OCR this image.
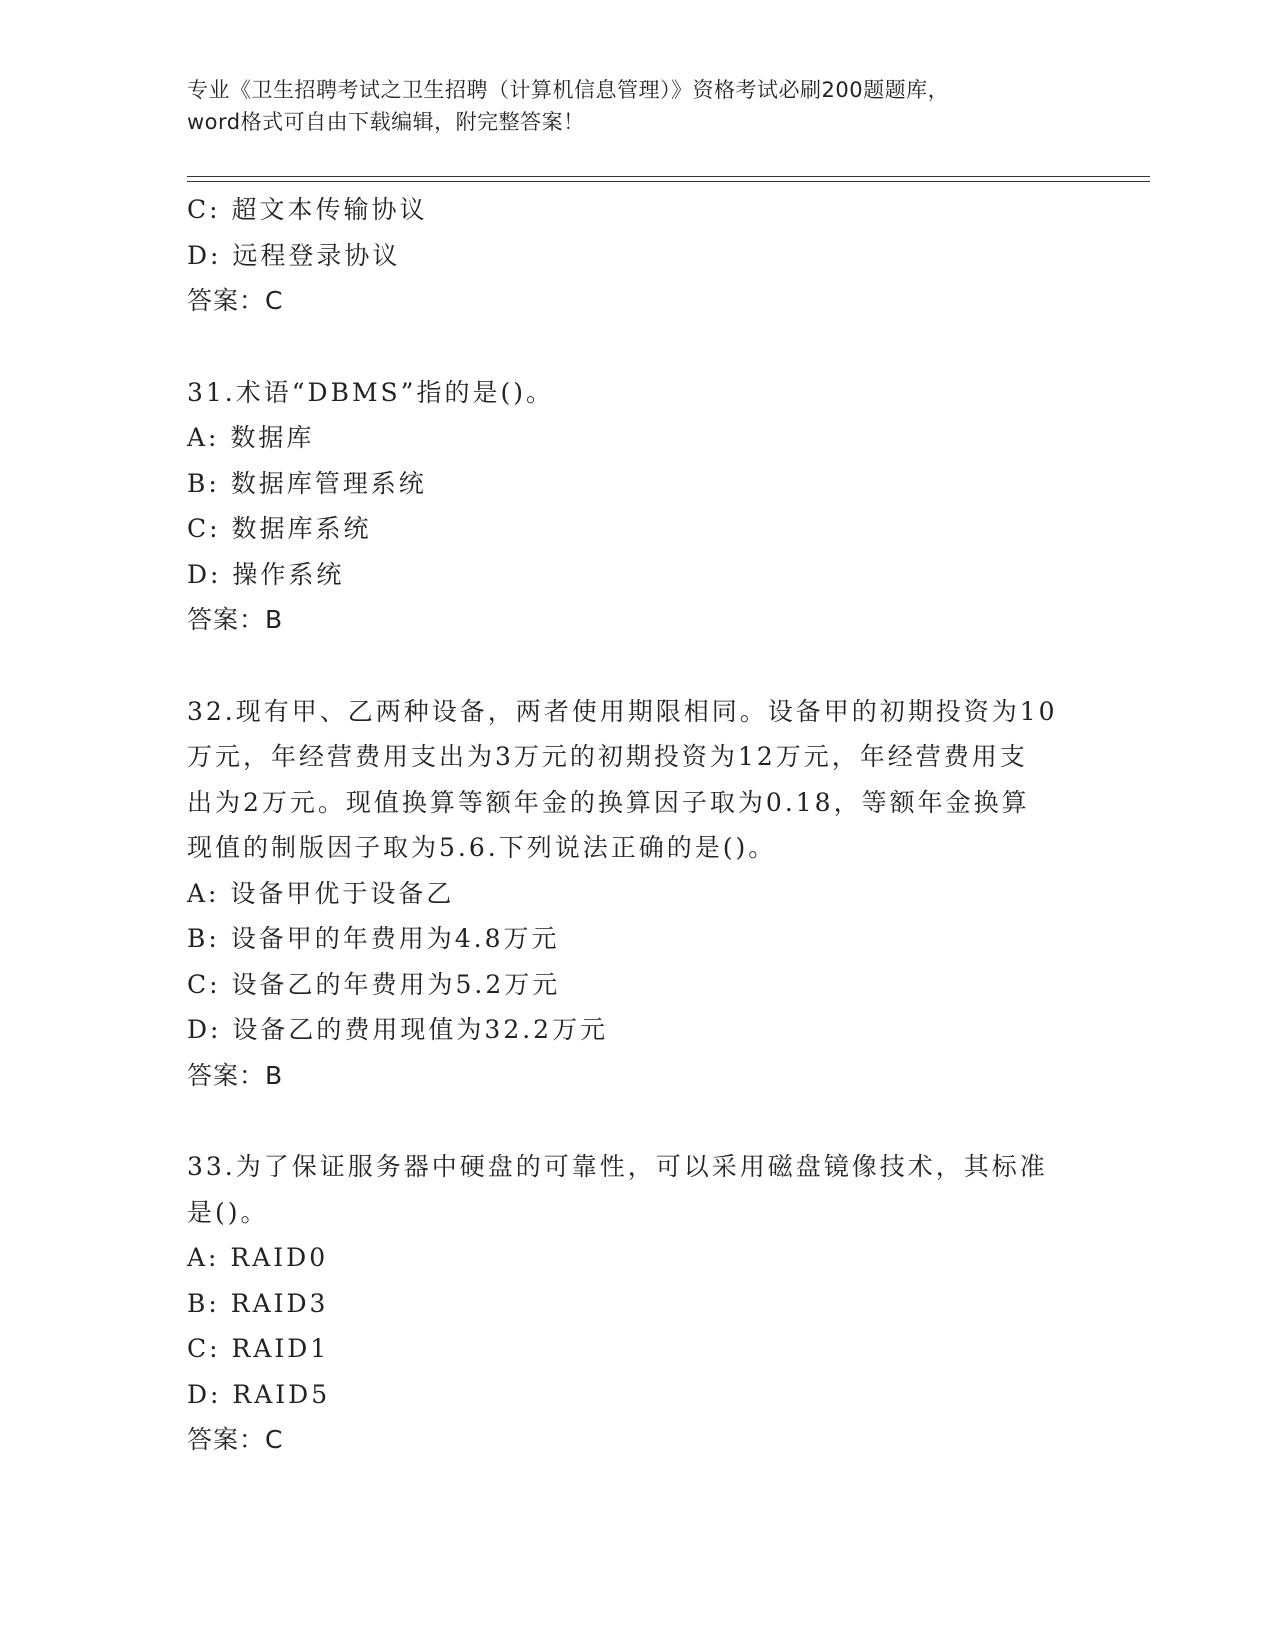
专业《卫生招聘考试之卫生招聘（计算机信息管理）》资格考试必刷200题题库，
word格式可自由下载编辑，附完整答案！
C: 超文本传输协议
D: 远程登录协议
答案：C
31.术语“DBMS”指的是()。
A: 数据库
B: 数据库管理系统
C: 数据库系统
D: 操作系统
答案：B
32.现有甲、乙两种设备，两者使用期限相同。设备甲的初期投资为10
万元，年经营费用支出为3万元的初期投资为12万元，年经营费用支
出为2万元。现值换算等额年金的换算因子取为0.18，等额年金换算
现值的制版因子取为5.6.下列说法正确的是()。
A: 设备甲优于设备乙
B: 设备甲的年费用为4.8万元
C: 设备乙的年费用为5.2万元
D: 设备乙的费用现值为32.2万元
答案：B
33.为了保证服务器中硬盘的可靠性，可以采用磁盘镜像技术，其标准
是()。
A: RAID0
B: RAID3
C: RAID1
D: RAID5
答案：C
